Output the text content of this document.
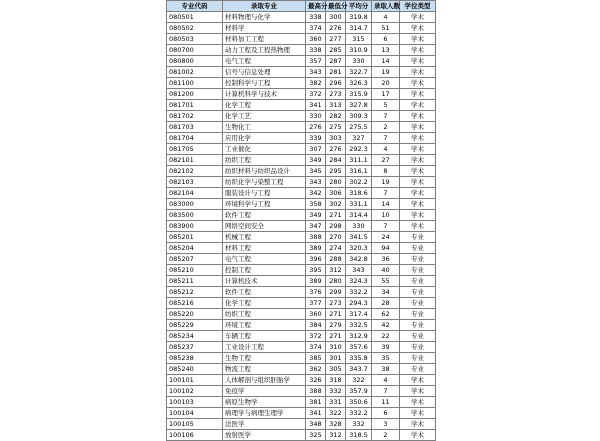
专业代码	录取专业	最高分	最低分	平均分	录取人数	学位类型
080501	材料物理与化学	338	300	319.8	4	学术
080502	材料学	374	276	314.7	51	学术
080503	材料加工工程	360	277	315	6	学术
080700	动力工程及工程热物理	338	285	310.9	13	学术
080800	电气工程	357	287	330	14	学术
081002	信号与信息处理	343	281	322.7	19	学术
081100	控制科学与工程	382	296	326.3	20	学术
081200	计算机科学与技术	372	273	315.9	17	学术
081701	化学工程	341	313	327.8	5	学术
081702	化学工艺	330	282	309.3	7	学术
081703	生物化工	276	275	275.5	2	学术
081704	应用化学	339	303	327	7	学术
081705	工业催化	307	276	292.3	4	学术
082101	纺织工程	349	284	311.1	27	学术
082102	纺织材料与纺织品设计	345	295	316.1	8	学术
082103	纺织化学与染整工程	343	280	302.2	19	学术
082104	服装设计与工程	342	306	318.6	7	学术
083000	环境科学与工程	358	302	331.1	14	学术
083500	软件工程	349	271	314.4	10	学术
083900	网络空间安全	347	298	330	7	学术
085201	机械工程	388	270	341.5	24	专业
085204	材料工程	389	274	320.3	94	专业
085207	电气工程	396	288	342.8	36	专业
085210	控制工程	395	312	343	40	专业
085211	计算机技术	389	280	324.3	55	专业
085212	软件工程	376	299	332.2	34	专业
085216	化学工程	377	273	294.3	28	专业
085220	纺织工程	360	271	317.4	62	专业
085229	环境工程	384	279	332.5	42	专业
085234	车辆工程	372	271	312.9	22	专业
085237	工业设计工程	374	310	357.6	39	专业
085238	生物工程	385	301	335.8	35	专业
085240	物流工程	362	305	343.7	38	专业
100101	人体解剖与组织胚胎学	326	318	322	4	学术
100102	免疫学	388	332	357.9	7	学术
100103	病原生物学	381	331	350.6	11	学术
100104	病理学与病理生理学	341	322	332.2	6	学术
100105	法医学	348	328	332	3	学术
100106	放射医学	325	312	318.5	2	学术
